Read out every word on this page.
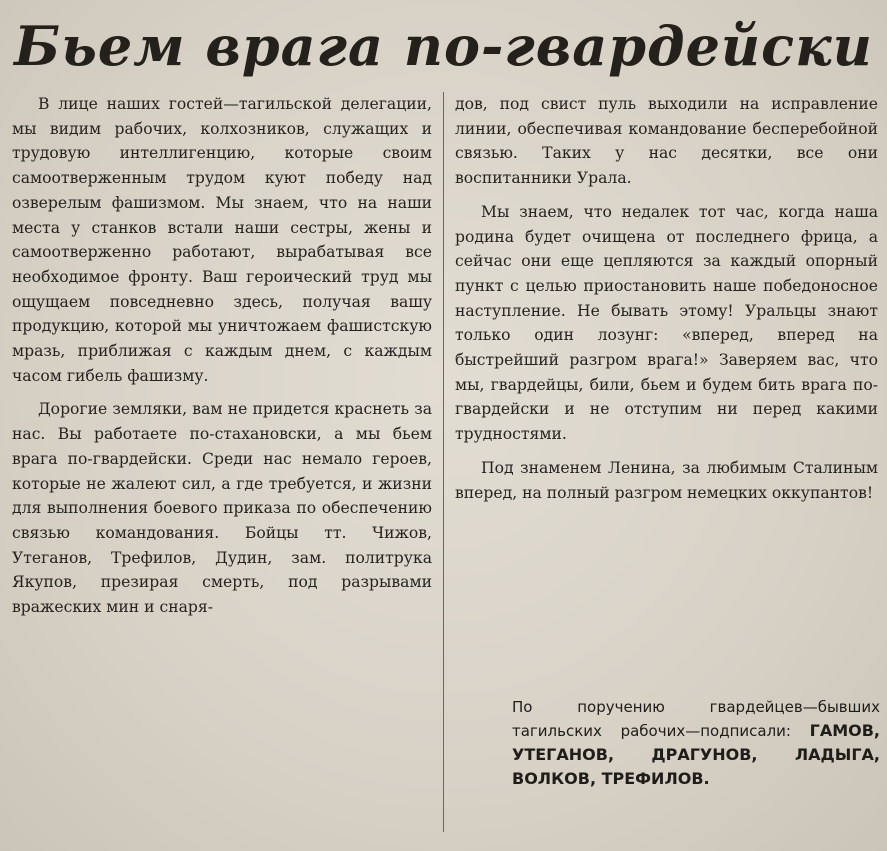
Бьем врага по-гвардейски

В лице наших гостей—тагильской делегации, мы видим рабочих, колхозников, служащих и трудовую интеллигенцию, которые своим самоотверженным трудом куют победу над озверелым фашизмом. Мы знаем, что на наши места у станков встали наши сестры, жены и самоотверженно работают, вырабатывая все необходимое фронту. Ваш героический труд мы ощущаем повседневно здесь, получая вашу продукцию, которой мы уничтожаем фашистскую мразь, приближая с каждым днем, с каждым часом гибель фашизму.

Дорогие земляки, вам не придется краснеть за нас. Вы работаете по-стахановски, а мы бьем врага по-гвардейски. Среди нас немало героев, которые не жалеют сил, а где требуется, и жизни для выполнения боевого приказа по обеспечению связью командования. Бойцы тт. Чижов, Утеганов, Трефилов, Дудин, зам. политрука Якупов, презирая смерть, под разрывами вражеских мин и снаря-

дов, под свист пуль выходили на исправление линии, обеспечивая командование бесперебойной связью. Таких у нас десятки, все они воспитанники Урала.

Мы знаем, что недалек тот час, когда наша родина будет очищена от последнего фрица, а сейчас они еще цепляются за каждый опорный пункт с целью приостановить наше победоносное наступление. Не бывать этому! Уральцы знают только один лозунг: «вперед, вперед на быстрейший разгром врага!» Заверяем вас, что мы, гвардейцы, били, бьем и будем бить врага по-гвардейски и не отступим ни перед какими трудностями.

Под знаменем Ленина, за любимым Сталиным вперед, на полный разгром немецких оккупантов!

По поручению гвардейцев—бывших тагильских рабочих—подписали: ГАМОВ, УТЕГАНОВ, ДРАГУНОВ, ЛАДЫГА, ВОЛКОВ, ТРЕФИЛОВ.
